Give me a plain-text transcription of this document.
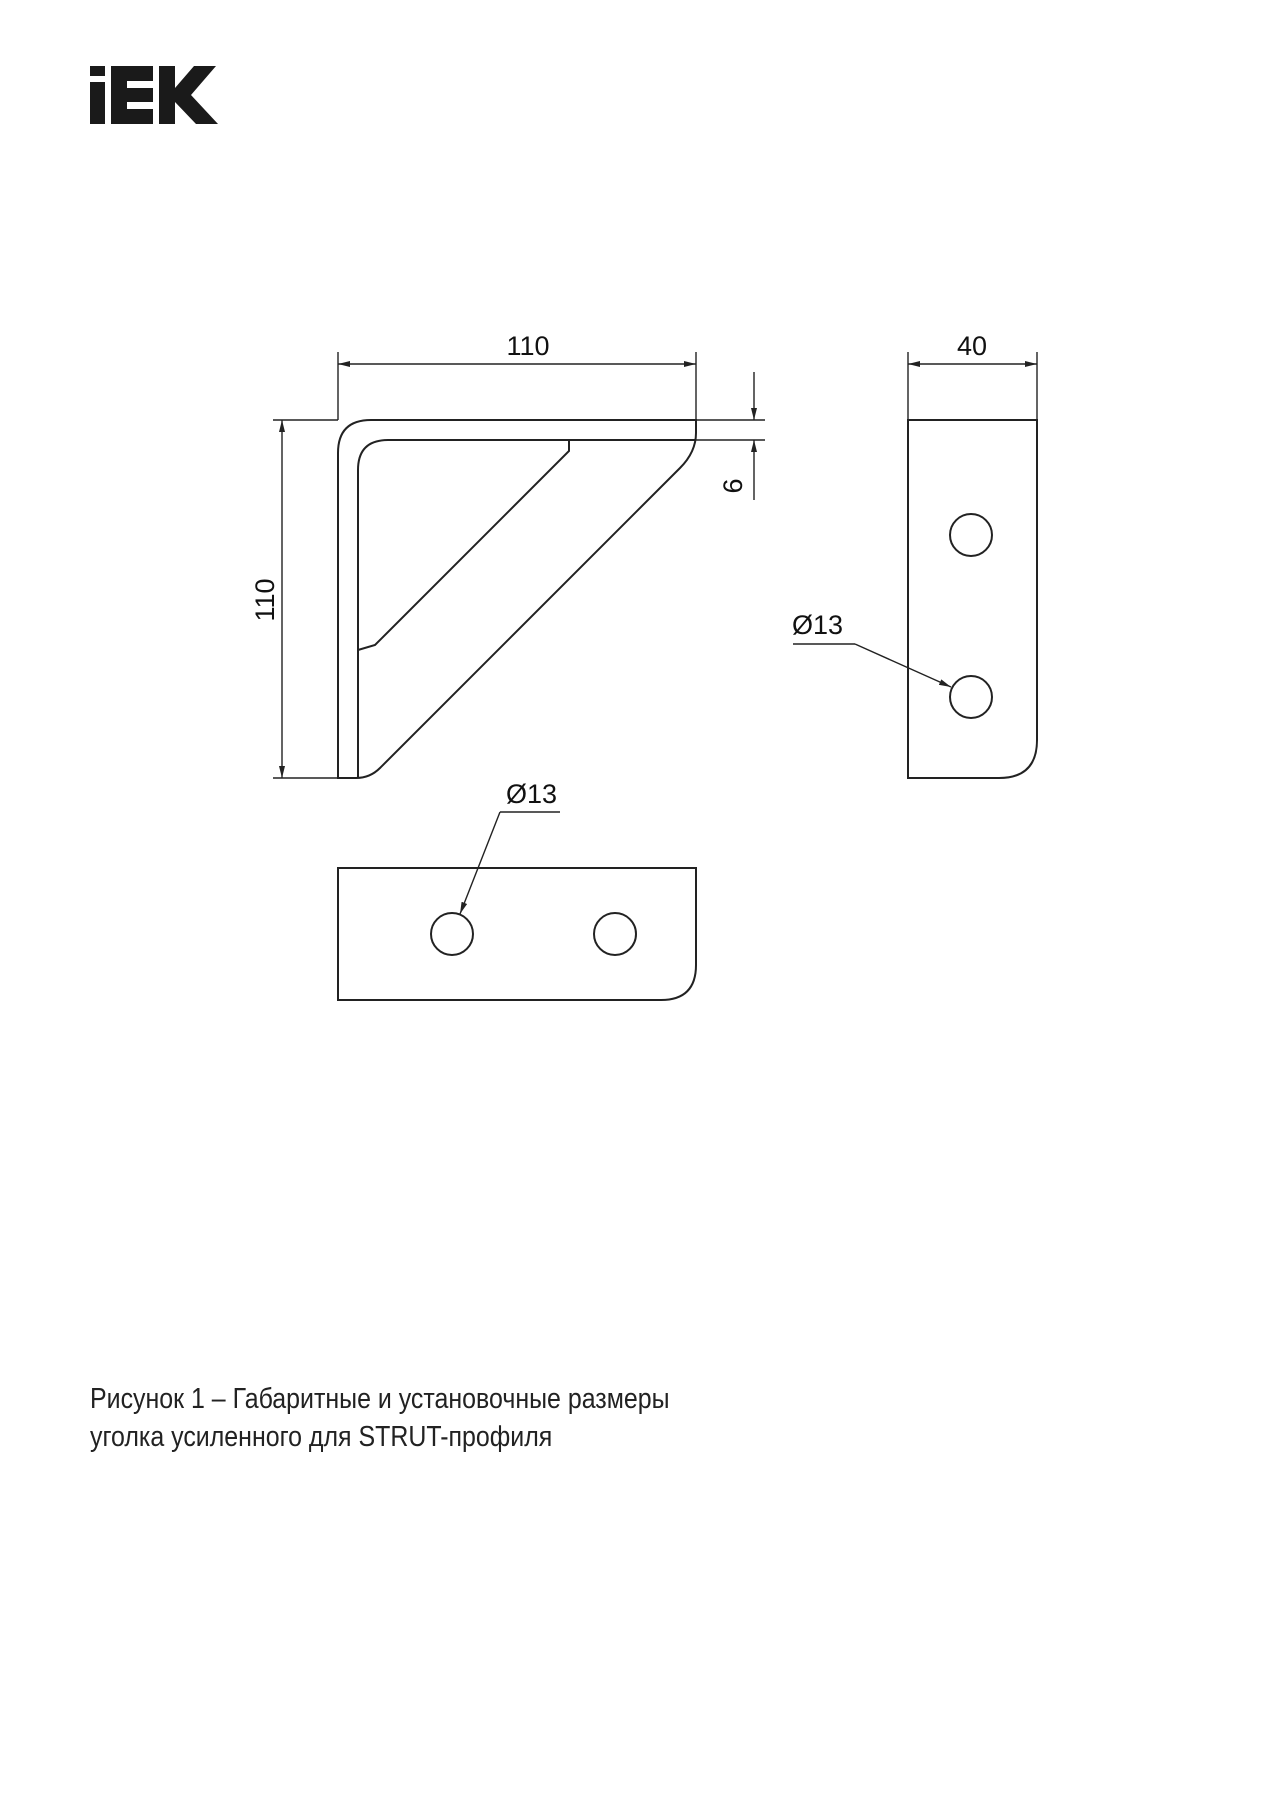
110
110
6
40
Ø13
Ø13
Рисунок 1 – Габаритные и установочные размеры
уголка усиленного для STRUT-профиля
